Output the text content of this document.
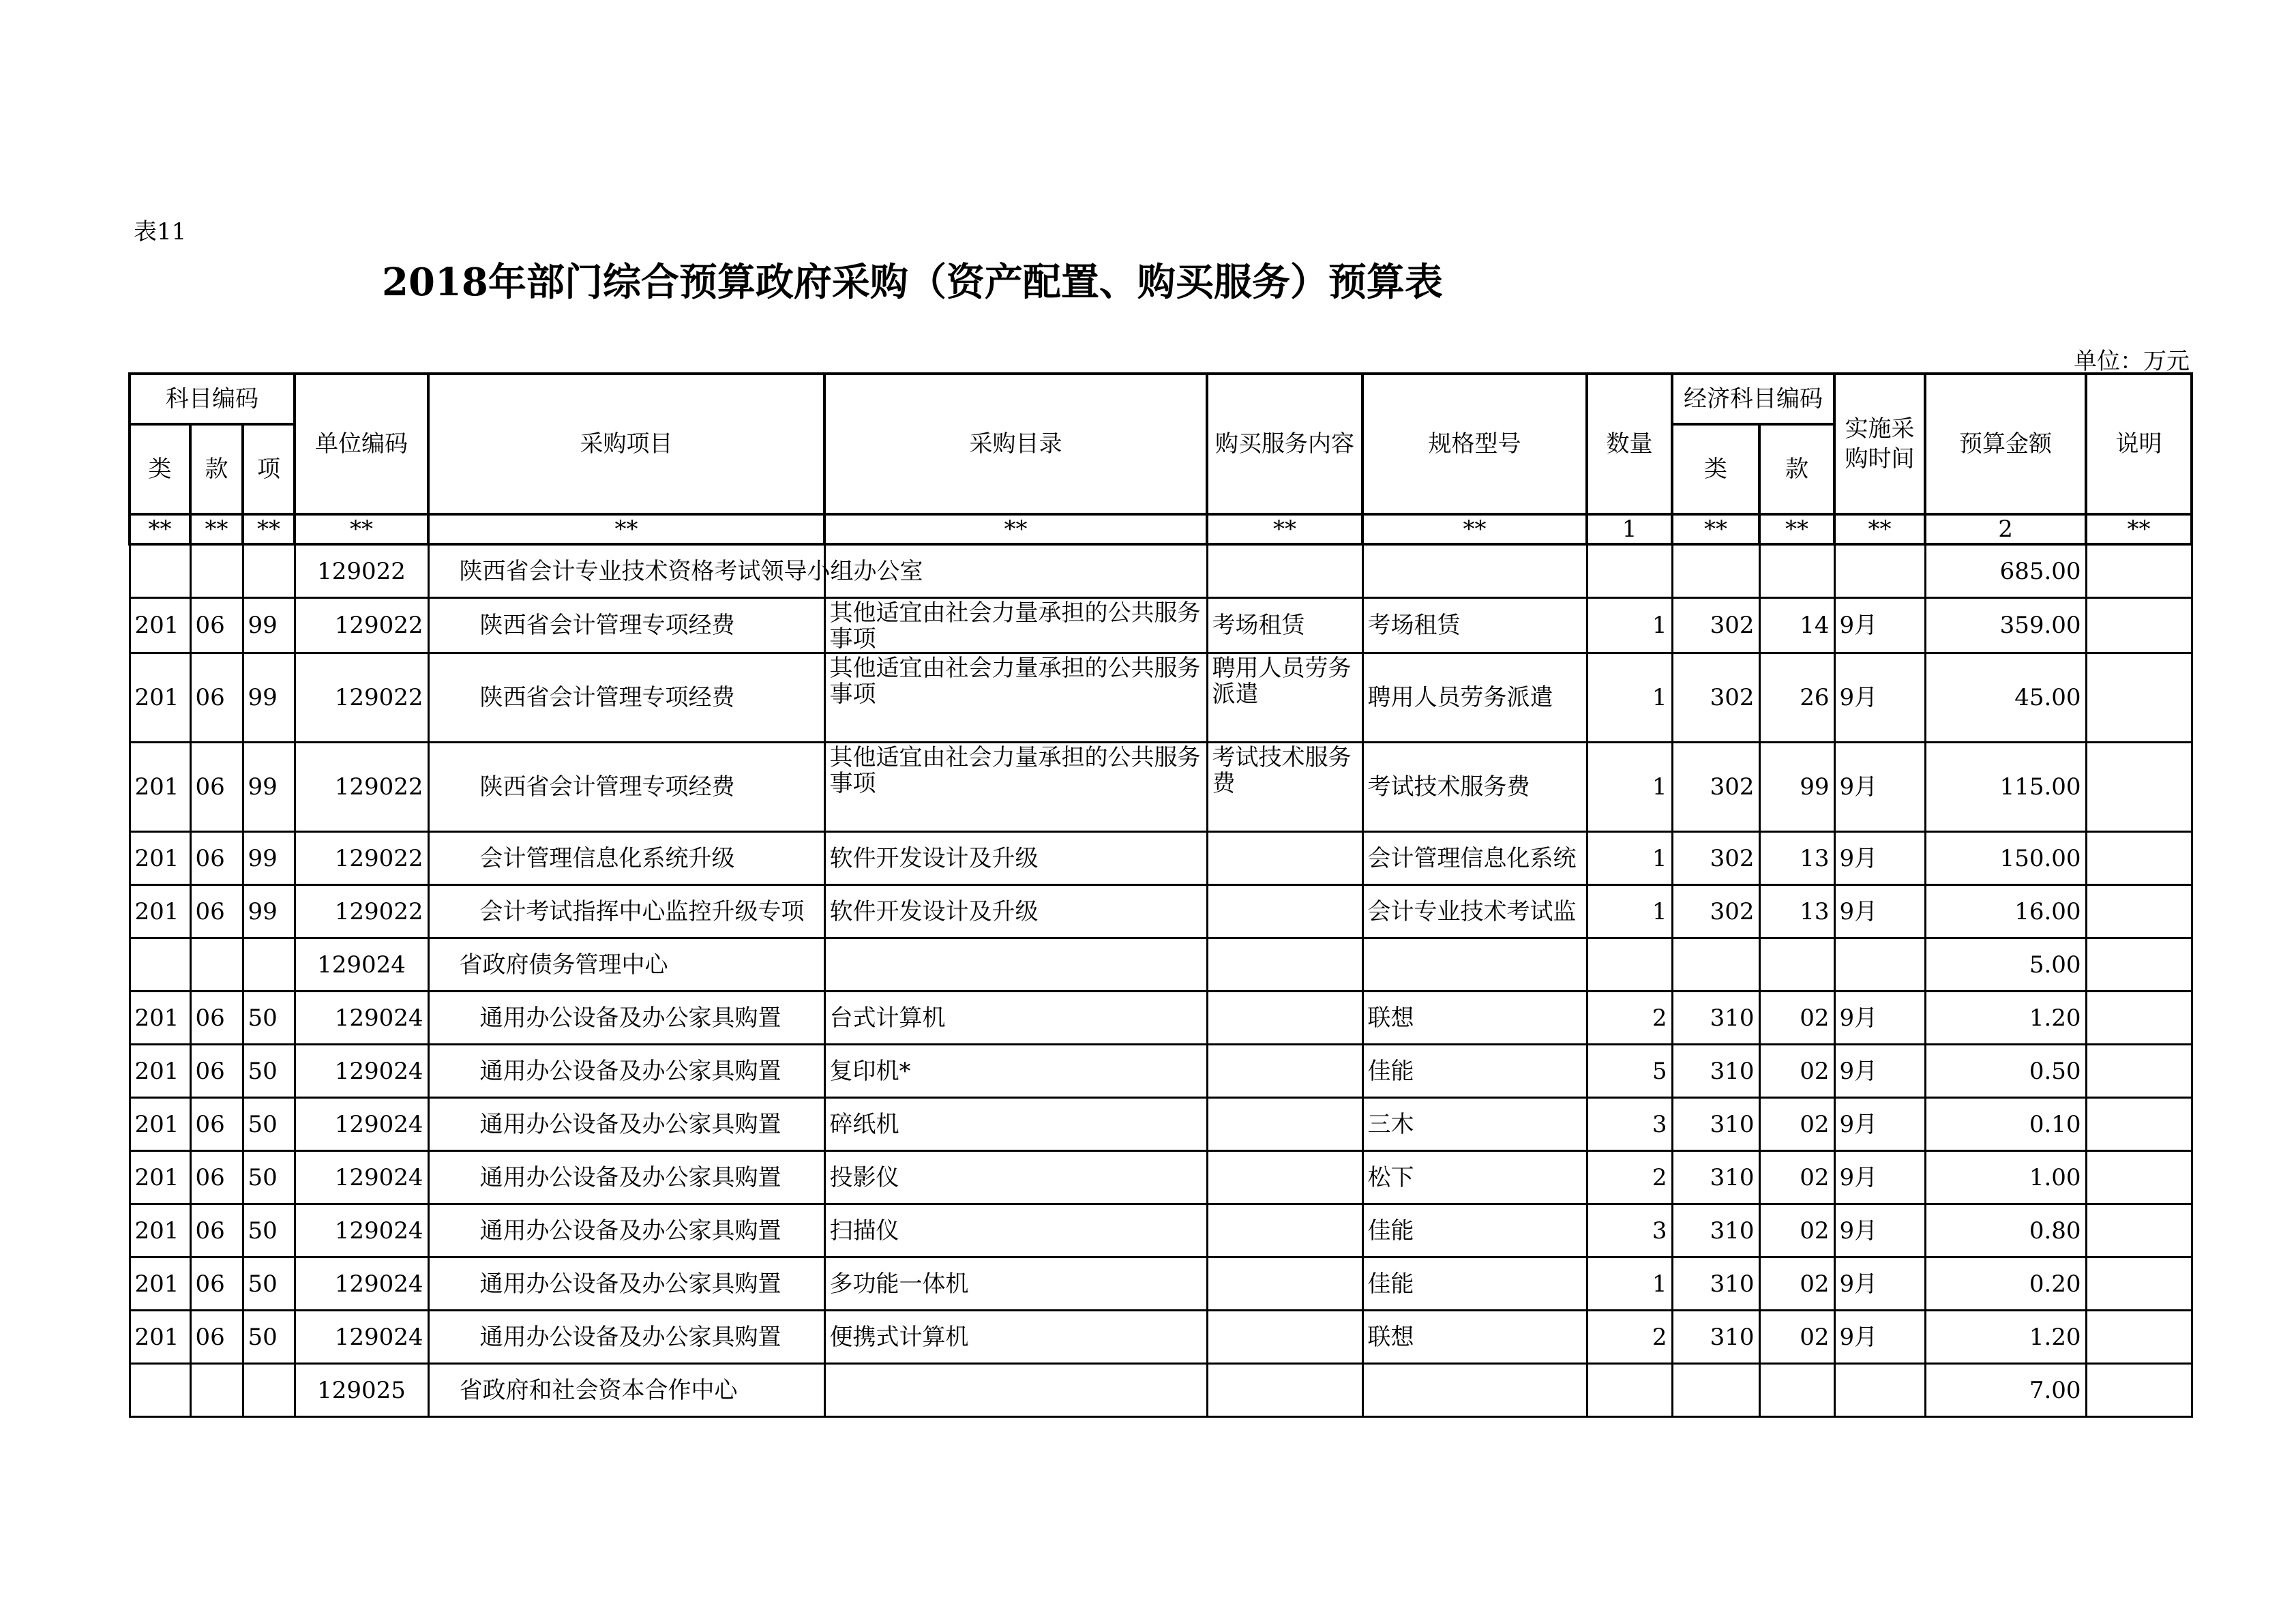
表11
2018年部门综合预算政府采购（资产配置、购买服务）预算表
单位：万元
科目编码			单位编码	采购项目	采购目录	购买服务内容	规格型号	数量	经济科目编码		实施采购时间	预算金额	说明
类	款	项							类	款			
**	**	**	**	**	**	**	**	1	**	**	**	2	**
			129022	陕西省会计专业技术资格考试领导小组办公室								685.00	
201	06	99	129022	陕西省会计管理专项经费	其他适宜由社会力量承担的公共服务事项	考场租赁	考场租赁	1	302	14	9月	359.00	
201	06	99	129022	陕西省会计管理专项经费	其他适宜由社会力量承担的公共服务事项	聘用人员劳务派遣	聘用人员劳务派遣	1	302	26	9月	45.00	
201	06	99	129022	陕西省会计管理专项经费	其他适宜由社会力量承担的公共服务事项	考试技术服务费	考试技术服务费	1	302	99	9月	115.00	
201	06	99	129022	会计管理信息化系统升级	软件开发设计及升级		会计管理信息化系统	1	302	13	9月	150.00	
201	06	99	129022	会计考试指挥中心监控升级专项	软件开发设计及升级		会计专业技术考试监	1	302	13	9月	16.00	
			129024	省政府债务管理中心								5.00	
201	06	50	129024	通用办公设备及办公家具购置	台式计算机		联想	2	310	02	9月	1.20	
201	06	50	129024	通用办公设备及办公家具购置	复印机*		佳能	5	310	02	9月	0.50	
201	06	50	129024	通用办公设备及办公家具购置	碎纸机		三木	3	310	02	9月	0.10	
201	06	50	129024	通用办公设备及办公家具购置	投影仪		松下	2	310	02	9月	1.00	
201	06	50	129024	通用办公设备及办公家具购置	扫描仪		佳能	3	310	02	9月	0.80	
201	06	50	129024	通用办公设备及办公家具购置	多功能一体机		佳能	1	310	02	9月	0.20	
201	06	50	129024	通用办公设备及办公家具购置	便携式计算机		联想	2	310	02	9月	1.20	
			129025	省政府和社会资本合作中心								7.00	
